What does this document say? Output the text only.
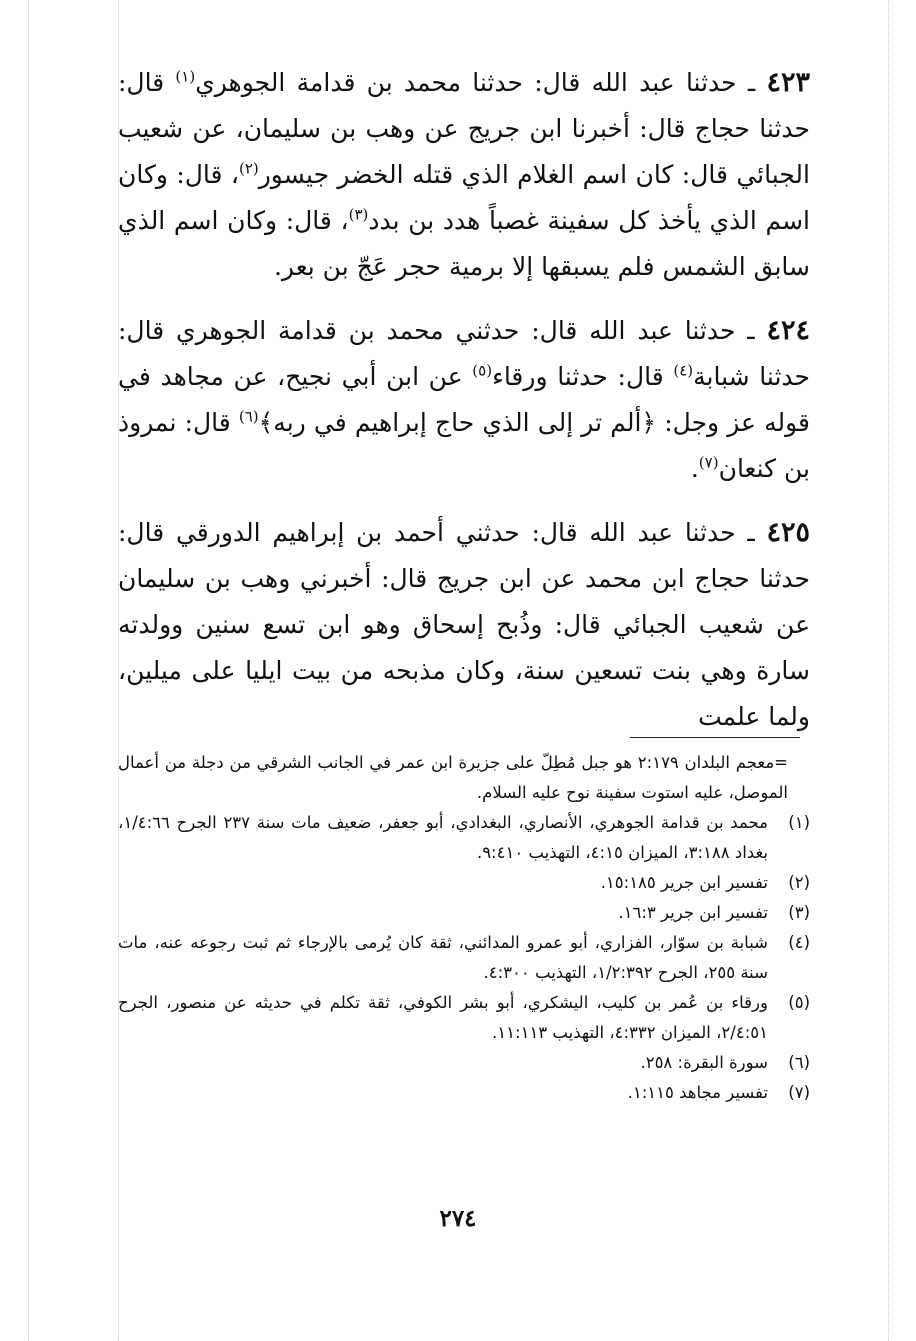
٤٢٣ ـ حدثنا عبد الله قال: حدثنا محمد بن قدامة الجوهري$^{(١)}$ قال: حدثنا حجاج قال: أخبرنا ابن جريج عن وهب بن سليمان، عن شعيب الجبائي قال: كان اسم الغلام الذي قتله الخضر جيسور$^{(٢)}$، قال: وكان اسم الذي يأخذ كل سفينة غصباً هدد بن بدد$^{(٣)}$، قال: وكان اسم الذي سابق الشمس فلم يسبقها إلا برمية حجر عَجّ بن بعر.

٤٢٤ ـ حدثنا عبد الله قال: حدثني محمد بن قدامة الجوهري قال: حدثنا شبابة$^{(٤)}$ قال: حدثنا ورقاء$^{(٥)}$ عن ابن أبي نجيح، عن مجاهد في قوله عز وجل: ﴿ألم تر إلى الذي حاج إبراهيم في ربه﴾$^{(٦)}$ قال: نمروذ بن كنعان$^{(٧)}$.

٤٢٥ ـ حدثنا عبد الله قال: حدثني أحمد بن إبراهيم الدورقي قال: حدثنا حجاج ابن محمد عن ابن جريج قال: أخبرني وهب بن سليمان عن شعيب الجبائي قال: وذُبح إسحاق وهو ابن تسع سنين وولدته سارة وهي بنت تسعين سنة، وكان مذبحه من بيت ايليا على ميلين، ولما علمت

=معجم البلدان ٢:١٧٩ هو جبل مُطِلّ على جزيرة ابن عمر في الجانب الشرقي من دجلة من أعمال الموصل، عليه استوت سفينة نوح عليه السلام.
(١)
محمد بن قدامة الجوهري، الأنصاري، البغدادي، أبو جعفر، ضعيف مات سنة ٢٣٧ الجرح ١/٤:٦٦، بغداد ٣:١٨٨، الميزان ٤:١٥، التهذيب ٩:٤١٠.
(٢)
تفسير ابن جرير ١٥:١٨٥.
(٣)
تفسير ابن جرير ١٦:٣.
(٤)
شبابة بن سوّار، الفزاري، أبو عمرو المدائني، ثقة كان يُرمى بالإرجاء ثم ثبت رجوعه عنه، مات سنة ٢٥٥، الجرح ١/٢:٣٩٢، التهذيب ٤:٣٠٠.
(٥)
ورقاء بن عُمر بن كليب، اليشكري، أبو بشر الكوفي، ثقة تكلم في حديثه عن منصور، الجرح ٢/٤:٥١، الميزان ٤:٣٣٢، التهذيب ١١:١١٣.
(٦)
سورة البقرة: ٢٥٨.
(٧)
تفسير مجاهد ١:١١٥.
٢٧٤
